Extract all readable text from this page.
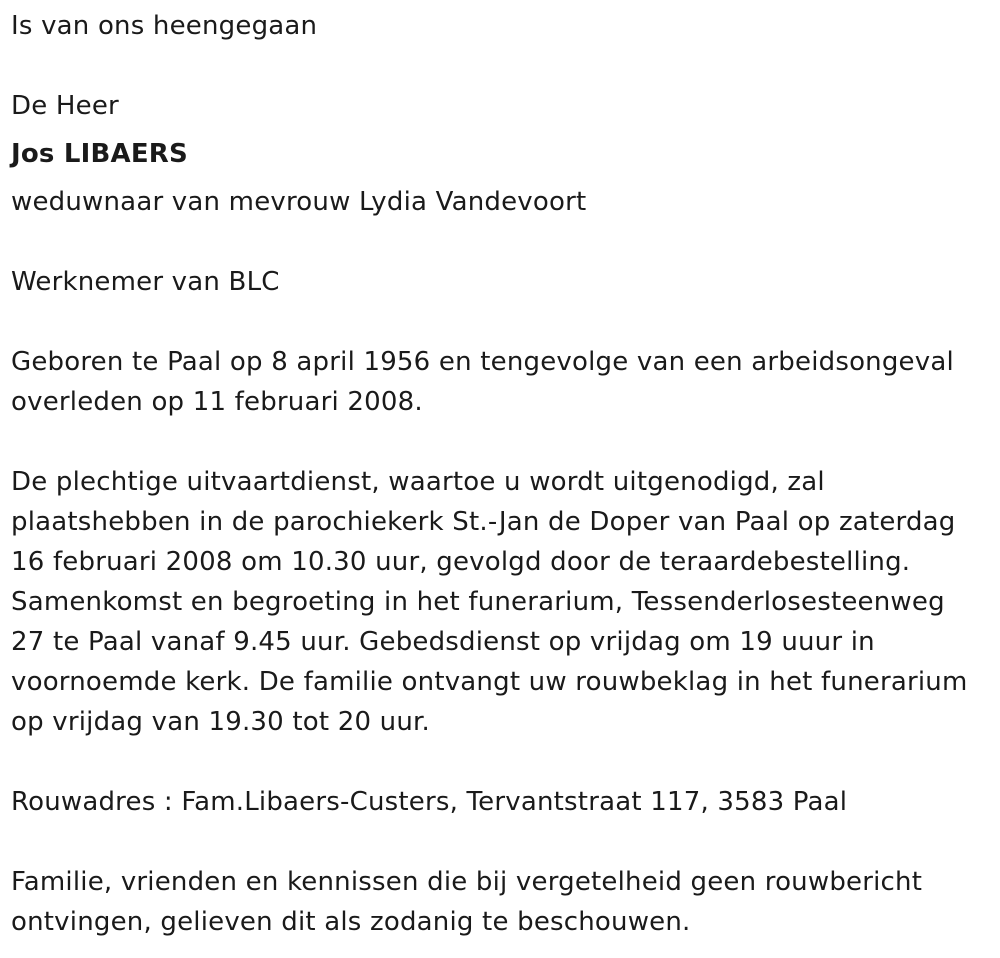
Is van ons heengegaan

De Heer

Jos LIBAERS

weduwnaar van mevrouw Lydia Vandevoort

Werknemer van BLC

Geboren te Paal op 8 april 1956 en tengevolge van een arbeidsongeval

overleden op 11 februari 2008.

De plechtige uitvaartdienst, waartoe u wordt uitgenodigd, zal

plaatshebben in de parochiekerk St.-Jan de Doper van Paal op zaterdag

16 februari 2008 om 10.30 uur, gevolgd door de teraardebestelling.

Samenkomst en begroeting in het funerarium, Tessenderlosesteenweg

27 te Paal vanaf 9.45 uur. Gebedsdienst op vrijdag om 19 uuur in

voornoemde kerk. De familie ontvangt uw rouwbeklag in het funerarium

op vrijdag van 19.30 tot 20 uur.

Rouwadres : Fam.Libaers-Custers, Tervantstraat 117, 3583 Paal

Familie, vrienden en kennissen die bij vergetelheid geen rouwbericht

ontvingen, gelieven dit als zodanig te beschouwen.
